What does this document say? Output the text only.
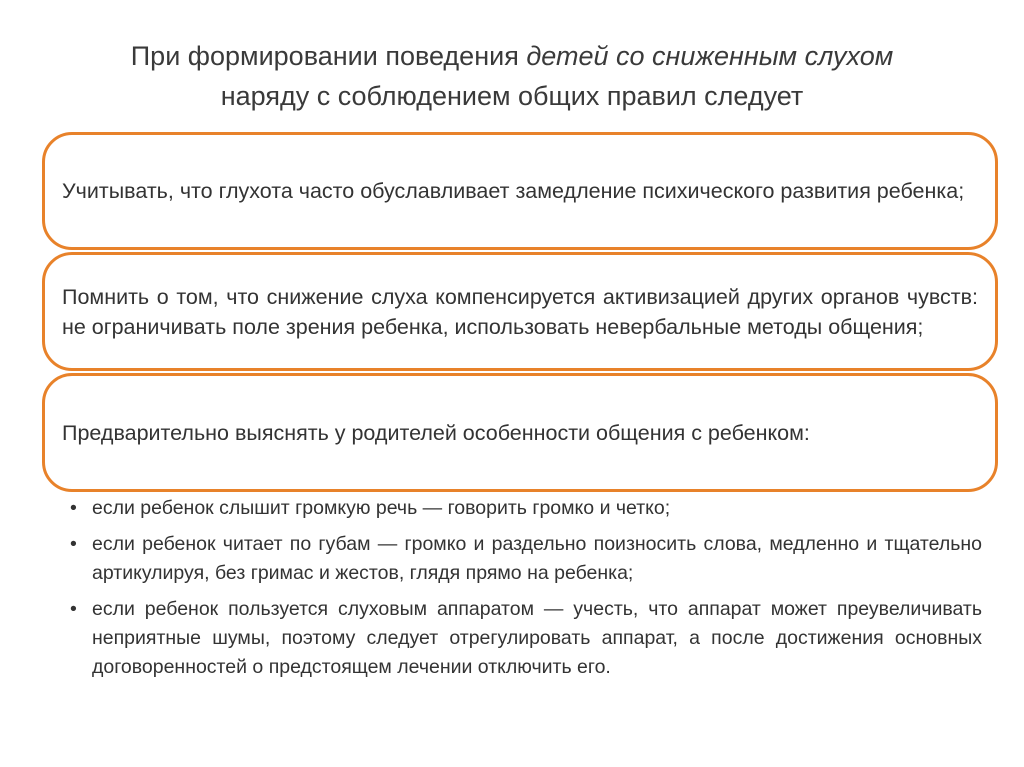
При формировании поведения детей со сниженным слухом
наряду с соблюдением общих правил следует

Учитывать, что глухота часто обуславливает замедление психического развития ребенка;

Помнить о том, что снижение слуха компенсируется активизацией других органов чувств: не ограничивать поле зрения ребенка, использовать невербальные методы общения;

Предварительно выяснять у родителей особенности общения с ребенком:

• если ребенок слышит громкую речь — говорить громко и четко;
• если ребенок читает по губам — громко и раздельно поизносить слова, медленно и тщательно артикулируя, без гримас и жестов, глядя прямо на ребенка;
• если ребенок пользуется слуховым аппаратом — учесть, что аппарат может преувеличивать неприятные шумы, поэтому следует отрегулировать аппарат, а после достижения основных договоренностей о предстоящем лечении отключить его.
